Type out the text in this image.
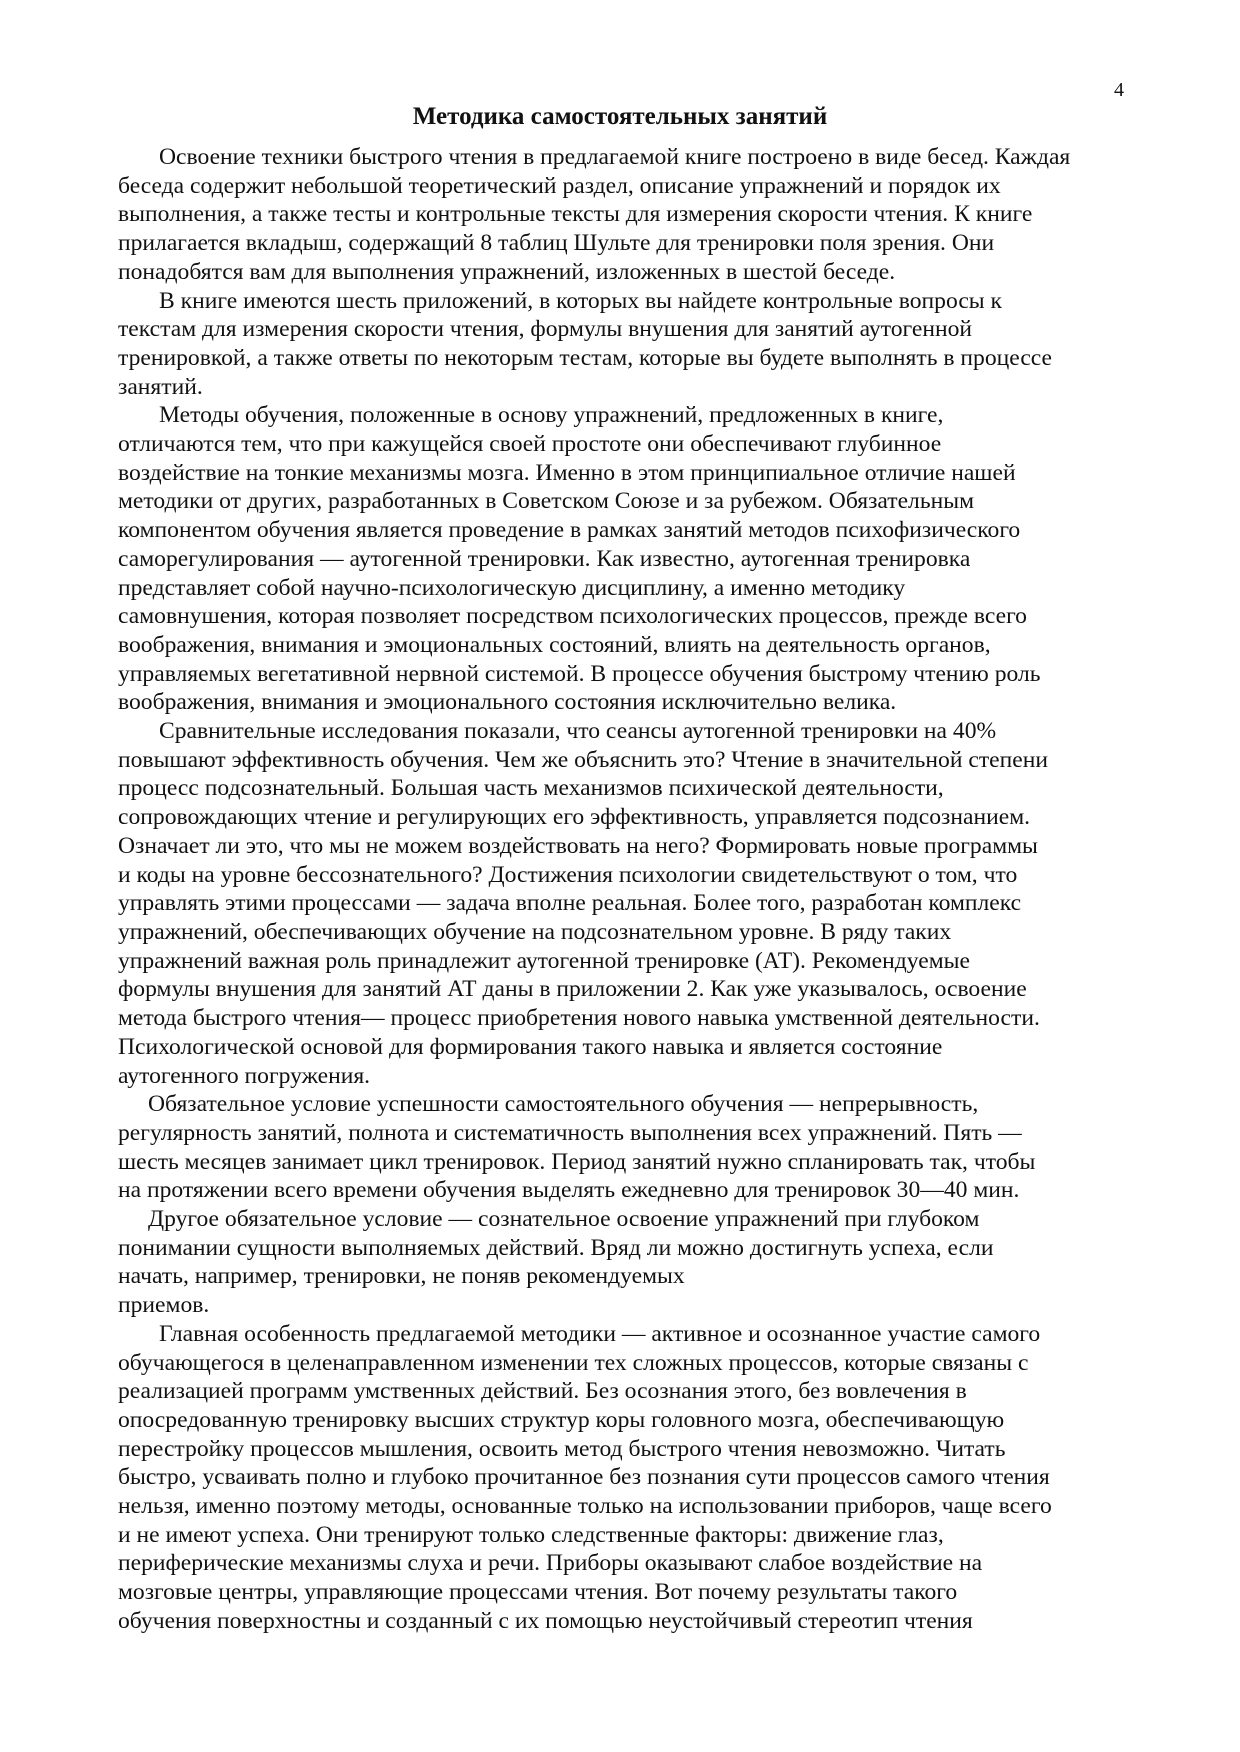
4
Методика самостоятельных занятий

Освоение техники быстрого чтения в предлагаемой книге построено в виде бесед. Каждая
беседа содержит небольшой теоретический раздел, описание упражнений и порядок их
выполнения, а также тесты и контрольные тексты для измерения скорости чтения. К книге
прилагается вкладыш, содержащий 8 таблиц Шульте для тренировки поля зрения. Они
понадобятся вам для выполнения упражнений, изложенных в шестой беседе.

В книге имеются шесть приложений, в которых вы найдете контрольные вопросы к
текстам для измерения скорости чтения, формулы внушения для занятий аутогенной
тренировкой, а также ответы по некоторым тестам, которые вы будете выполнять в процессе
занятий.

Методы обучения, положенные в основу упражнений, предложенных в книге,
отличаются тем, что при кажущейся своей простоте они обеспечивают глубинное
воздействие на тонкие механизмы мозга. Именно в этом принципиальное отличие нашей
методики от других, разработанных в Советском Союзе и за рубежом. Обязательным
компонентом обучения является проведение в рамках занятий методов психофизического
саморегулирования — аутогенной тренировки. Как известно, аутогенная тренировка
представляет собой научно-психологическую дисциплину, а именно методику
самовнушения, которая позволяет посредством психологических процессов, прежде всего
воображения, внимания и эмоциональных состояний, влиять на деятельность органов,
управляемых вегетативной нервной системой. В процессе обучения быстрому чтению роль
воображения, внимания и эмоционального состояния исключительно велика.

Сравнительные исследования показали, что сеансы аутогенной тренировки на 40%
повышают эффективность обучения. Чем же объяснить это? Чтение в значительной степени
процесс подсознательный. Большая часть механизмов психической деятельности,
сопровождающих чтение и регулирующих его эффективность, управляется подсознанием.
Означает ли это, что мы не можем воздействовать на него? Формировать новые программы
и коды на уровне бессознательного? Достижения психологии свидетельствуют о том, что
управлять этими процессами — задача вполне реальная. Более того, разработан комплекс
упражнений, обеспечивающих обучение на подсознательном уровне. В ряду таких
упражнений важная роль принадлежит аутогенной тренировке (АТ). Рекомендуемые
формулы внушения для занятий АТ даны в приложении 2. Как уже указывалось, освоение
метода быстрого чтения— процесс приобретения нового навыка умственной деятельности.
Психологической основой для формирования такого навыка и является состояние
аутогенного погружения.

Обязательное условие успешности самостоятельного обучения — непрерывность,
регулярность занятий, полнота и систематичность выполнения всех упражнений. Пять —
шесть месяцев занимает цикл тренировок. Период занятий нужно спланировать так, чтобы
на протяжении всего времени обучения выделять ежедневно для тренировок 30—40 мин.

Другое обязательное условие — сознательное освоение упражнений при глубоком
понимании сущности выполняемых действий. Вряд ли можно достигнуть успеха, если
начать, например, тренировки, не поняв рекомендуемых
приемов.

Главная особенность предлагаемой методики — активное и осознанное участие самого
обучающегося в целенаправленном изменении тех сложных процессов, которые связаны с
реализацией программ умственных действий. Без осознания этого, без вовлечения в
опосредованную тренировку высших структур коры головного мозга, обеспечивающую
перестройку процессов мышления, освоить метод быстрого чтения невозможно. Читать
быстро, усваивать полно и глубоко прочитанное без познания сути процессов самого чтения
нельзя, именно поэтому методы, основанные только на использовании приборов, чаще всего
и не имеют успеха. Они тренируют только следственные факторы: движение глаз,
периферические механизмы слуха и речи. Приборы оказывают слабое воздействие на
мозговые центры, управляющие процессами чтения. Вот почему результаты такого
обучения поверхностны и созданный с их помощью неустойчивый стереотип чтения
